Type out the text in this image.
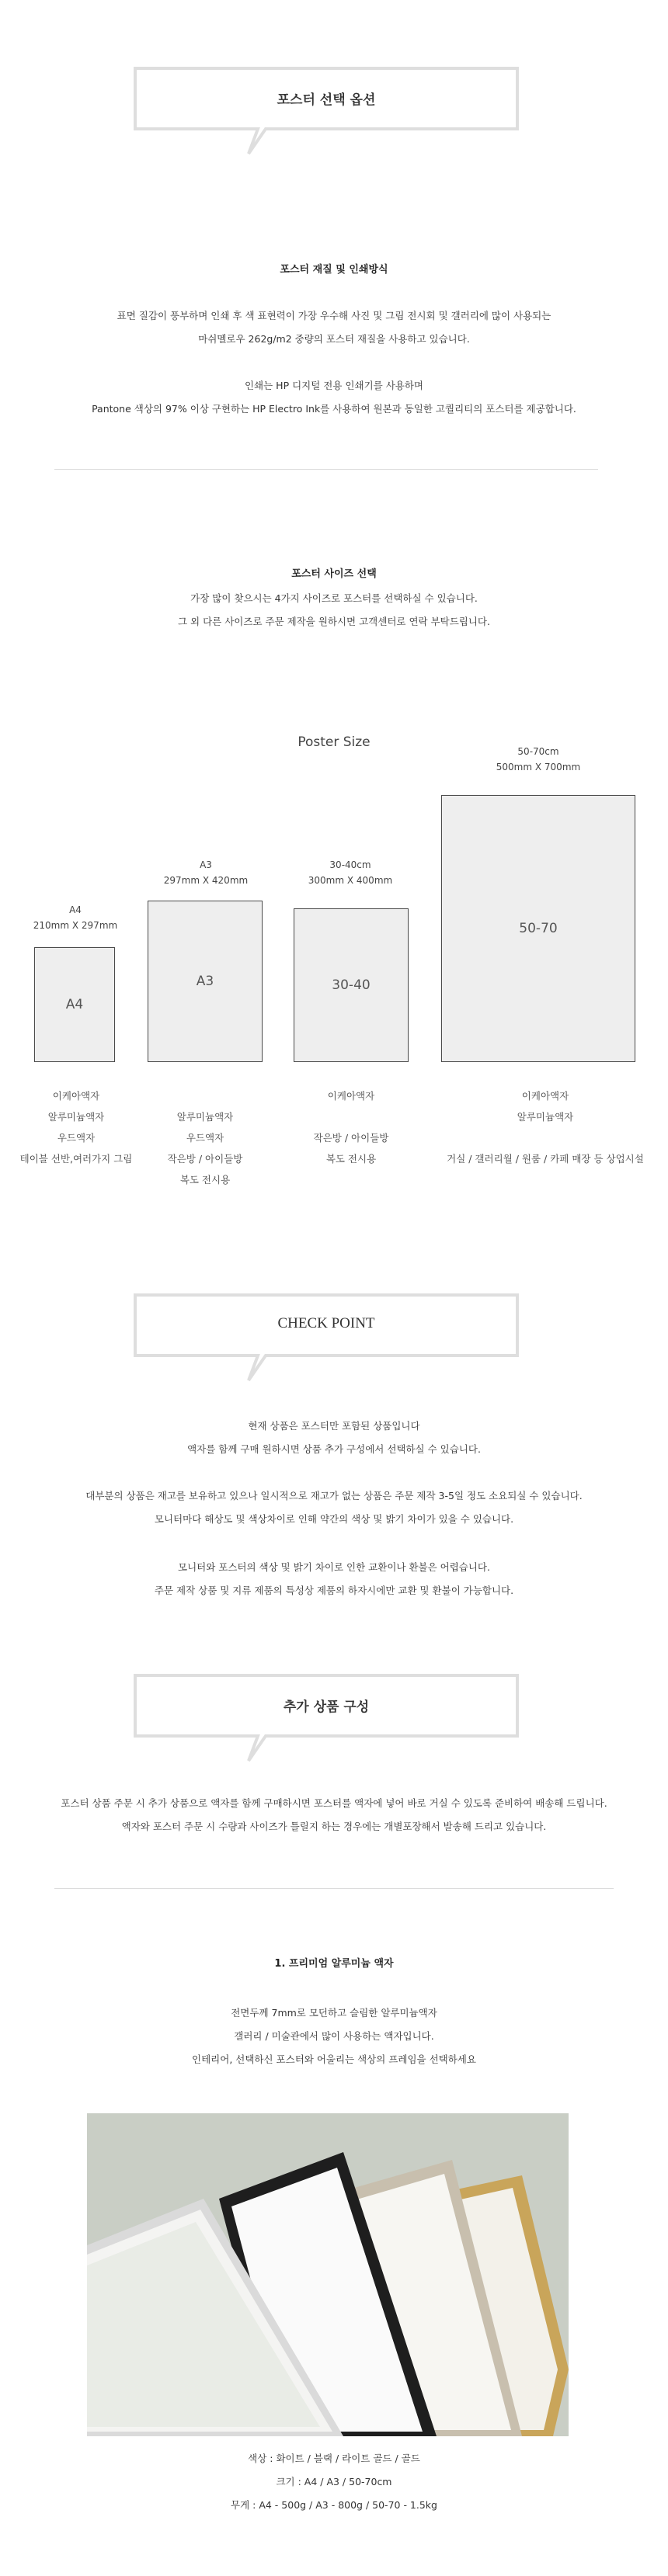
포스터 선택 옵션
포스터 재질 및 인쇄방식
표면 질감이 풍부하며 인쇄 후 색 표현력이 가장 우수해 사진 및 그림 전시회 및 갤러리에 많이 사용되는
마쉬멜로우 262g/m2 중량의 포스터 재질을 사용하고 있습니다.
인쇄는 HP 디지털 전용 인쇄기를 사용하며
Pantone 색상의 97% 이상 구현하는 HP Electro Ink를 사용하여 원본과 동일한 고퀄리티의 포스터를 제공합니다.
포스터 사이즈 선택
가장 많이 찾으시는 4가지 사이즈로 포스터를 선택하실 수 있습니다.
그 외 다른 사이즈로 주문 제작을 원하시면 고객센터로 연락 부탁드립니다.
Poster Size
A4
210mm X 297mm
A4
이케아액자
알루미늄액자
우드액자
테이블 선반,여러가지 그림
A3
297mm X 420mm
A3
알루미늄액자
우드액자
작은방 / 아이들방
복도 전시용
30-40cm
300mm X 400mm
30-40
이케아액자
작은방 / 아이들방
복도 전시용
50-70cm
500mm X 700mm
50-70
이케아액자
알루미늄액자
거실 / 갤러리월 / 원룸 / 카페 매장 등 상업시설
CHECK POINT
현재 상품은 포스터만 포함된 상품입니다
액자를 함께 구매 원하시면 상품 추가 구성에서 선택하실 수 있습니다.
대부분의 상품은 재고를 보유하고 있으나 일시적으로 재고가 없는 상품은 주문 제작 3-5일 정도 소요되실 수 있습니다.
모니터마다 해상도 및 색상차이로 인해 약간의 색상 및 밝기 차이가 있을 수 있습니다.
모니터와 포스터의 색상 및 밝기 차이로 인한 교환이나 환불은 어렵습니다.
주문 제작 상품 및 지류 제품의 특성상 제품의 하자시에만 교환 및 환불이 가능합니다.
추가 상품 구성
포스터 상품 주문 시 추가 상품으로 액자를 함께 구매하시면 포스터를 액자에 넣어 바로 거실 수 있도록 준비하여 배송해 드립니다.
액자와 포스터 주문 시 수량과 사이즈가 틀릴지 하는 경우에는 개별포장해서 발송해 드리고 있습니다.
1. 프리미엄 알루미늄 액자
전면두께 7mm로 모던하고 슬림한 알루미늄액자
갤러리 / 미술관에서 많이 사용하는 액자입니다.
인테리어, 선택하신 포스터와 어울리는 색상의 프레임을 선택하세요
색상 : 화이트 / 블랙 / 라이트 골드 / 골드
크기 : A4 / A3 / 50-70cm
무게 : A4 - 500g / A3 - 800g / 50-70 - 1.5kg
